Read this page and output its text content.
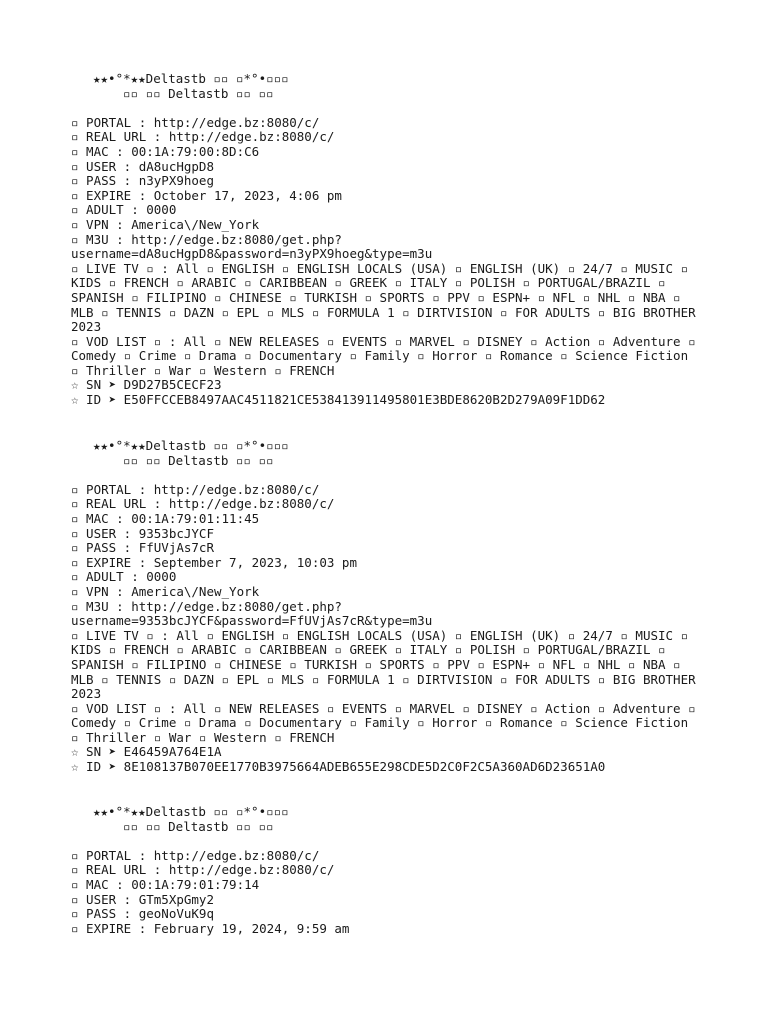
★★•°*★★Deltastb ▫▫ ▫*°•▫▫▫

▫▫ ▫▫ Deltastb ▫▫ ▫▫

▫ PORTAL : http://edge.bz:8080/c/

▫ REAL URL : http://edge.bz:8080/c/

▫ MAC : 00:1A:79:00:8D:C6

▫ USER : dA8ucHgpD8

▫ PASS : n3yPX9hoeg

▫ EXPIRE : October 17, 2023, 4:06 pm

▫ ADULT : 0000

▫ VPN : America\/New_York

▫ M3U : http://edge.bz:8080/get.php?

username=dA8ucHgpD8&password=n3yPX9hoeg&type=m3u

▫ LIVE TV ▫ : All ▫ ENGLISH ▫ ENGLISH LOCALS (USA) ▫ ENGLISH (UK) ▫ 24/7 ▫ MUSIC ▫

KIDS ▫ FRENCH ▫ ARABIC ▫ CARIBBEAN ▫ GREEK ▫ ITALY ▫ POLISH ▫ PORTUGAL/BRAZIL ▫

SPANISH ▫ FILIPINO ▫ CHINESE ▫ TURKISH ▫ SPORTS ▫ PPV ▫ ESPN+ ▫ NFL ▫ NHL ▫ NBA ▫

MLB ▫ TENNIS ▫ DAZN ▫ EPL ▫ MLS ▫ FORMULA 1 ▫ DIRTVISION ▫ FOR ADULTS ▫ BIG BROTHER

2023

▫ VOD LIST ▫ : All ▫ NEW RELEASES ▫ EVENTS ▫ MARVEL ▫ DISNEY ▫ Action ▫ Adventure ▫

Comedy ▫ Crime ▫ Drama ▫ Documentary ▫ Family ▫ Horror ▫ Romance ▫ Science Fiction

▫ Thriller ▫ War ▫ Western ▫ FRENCH

☆ SN ➤ D9D27B5CECF23

☆ ID ➤ E50FFCCEB8497AAC4511821CE538413911495801E3BDE8620B2D279A09F1DD62

★★•°*★★Deltastb ▫▫ ▫*°•▫▫▫

▫▫ ▫▫ Deltastb ▫▫ ▫▫

▫ PORTAL : http://edge.bz:8080/c/

▫ REAL URL : http://edge.bz:8080/c/

▫ MAC : 00:1A:79:01:11:45

▫ USER : 9353bcJYCF

▫ PASS : FfUVjAs7cR

▫ EXPIRE : September 7, 2023, 10:03 pm

▫ ADULT : 0000

▫ VPN : America\/New_York

▫ M3U : http://edge.bz:8080/get.php?

username=9353bcJYCF&password=FfUVjAs7cR&type=m3u

▫ LIVE TV ▫ : All ▫ ENGLISH ▫ ENGLISH LOCALS (USA) ▫ ENGLISH (UK) ▫ 24/7 ▫ MUSIC ▫

KIDS ▫ FRENCH ▫ ARABIC ▫ CARIBBEAN ▫ GREEK ▫ ITALY ▫ POLISH ▫ PORTUGAL/BRAZIL ▫

SPANISH ▫ FILIPINO ▫ CHINESE ▫ TURKISH ▫ SPORTS ▫ PPV ▫ ESPN+ ▫ NFL ▫ NHL ▫ NBA ▫

MLB ▫ TENNIS ▫ DAZN ▫ EPL ▫ MLS ▫ FORMULA 1 ▫ DIRTVISION ▫ FOR ADULTS ▫ BIG BROTHER

2023

▫ VOD LIST ▫ : All ▫ NEW RELEASES ▫ EVENTS ▫ MARVEL ▫ DISNEY ▫ Action ▫ Adventure ▫

Comedy ▫ Crime ▫ Drama ▫ Documentary ▫ Family ▫ Horror ▫ Romance ▫ Science Fiction

▫ Thriller ▫ War ▫ Western ▫ FRENCH

☆ SN ➤ E46459A764E1A

☆ ID ➤ 8E108137B070EE1770B3975664ADEB655E298CDE5D2C0F2C5A360AD6D23651A0

★★•°*★★Deltastb ▫▫ ▫*°•▫▫▫

▫▫ ▫▫ Deltastb ▫▫ ▫▫

▫ PORTAL : http://edge.bz:8080/c/

▫ REAL URL : http://edge.bz:8080/c/

▫ MAC : 00:1A:79:01:79:14

▫ USER : GTm5XpGmy2

▫ PASS : geoNoVuK9q

▫ EXPIRE : February 19, 2024, 9:59 am
